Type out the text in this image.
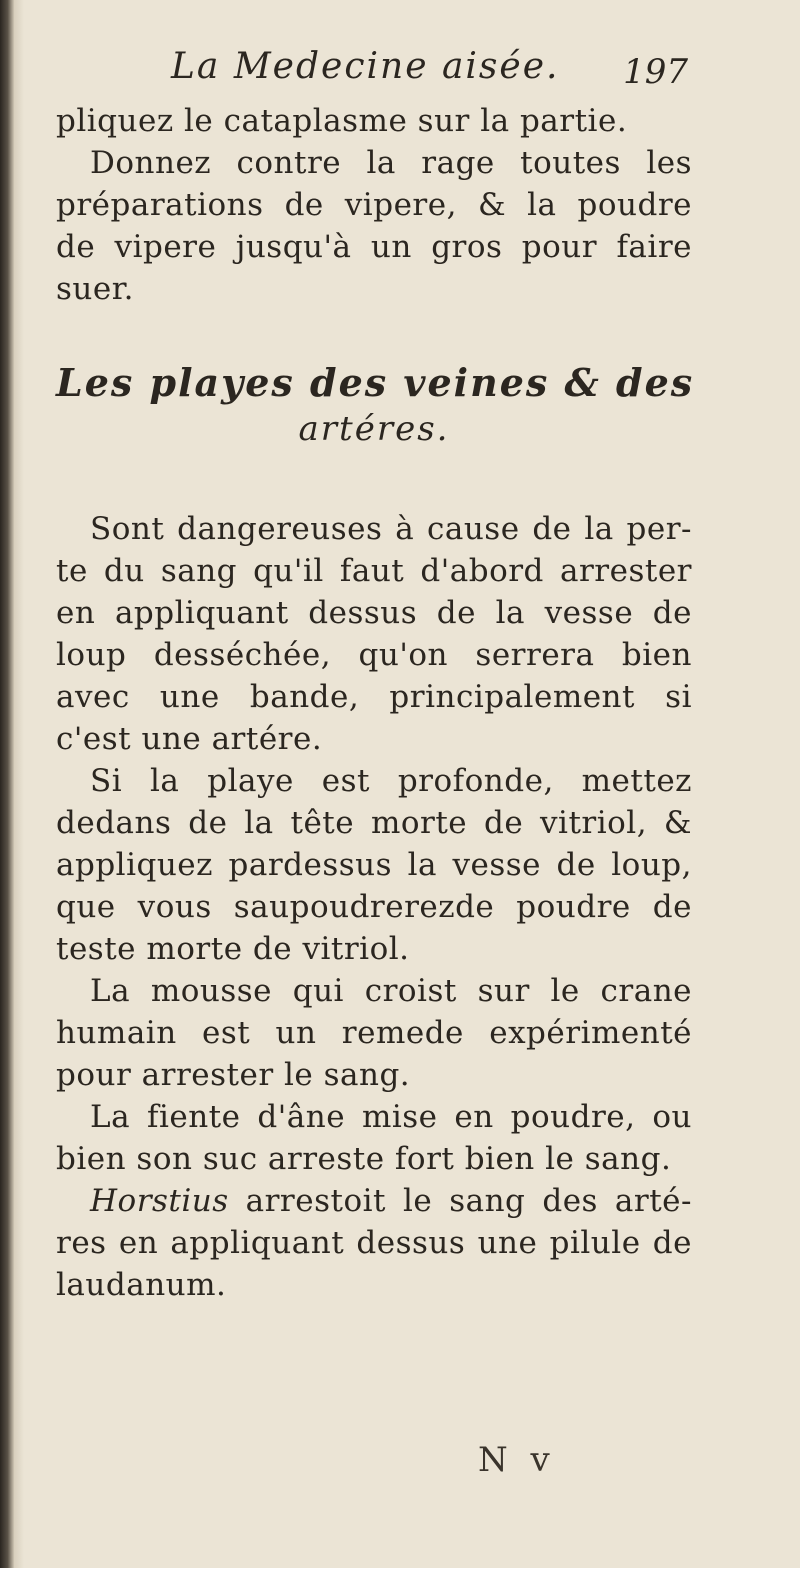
La Medecine aisée. 197
pliquez le cataplasme sur la partie.
Donnez contre la rage toutes les
préparations de vipere, & la poudre
de vipere jusqu'à un gros pour faire
suer.
Les playes des veines & des
artéres.
Sont dangereuses à cause de la per-
te du sang qu'il faut d'abord arrester
en appliquant dessus de la vesse de
loup desséchée, qu'on serrera bien
avec une bande, principalement si
c'est une artére.
Si la playe est profonde, mettez
dedans de la tête morte de vitriol, &
appliquez pardessus la vesse de loup,
que vous saupoudrerezde poudre de
teste morte de vitriol.
La mousse qui croist sur le crane
humain est un remede expérimenté
pour arrester le sang.
La fiente d'âne mise en poudre, ou
bien son suc arreste fort bien le sang.
Horstius arrestoit le sang des arté-
res en appliquant dessus une pilule de
laudanum.
N v
